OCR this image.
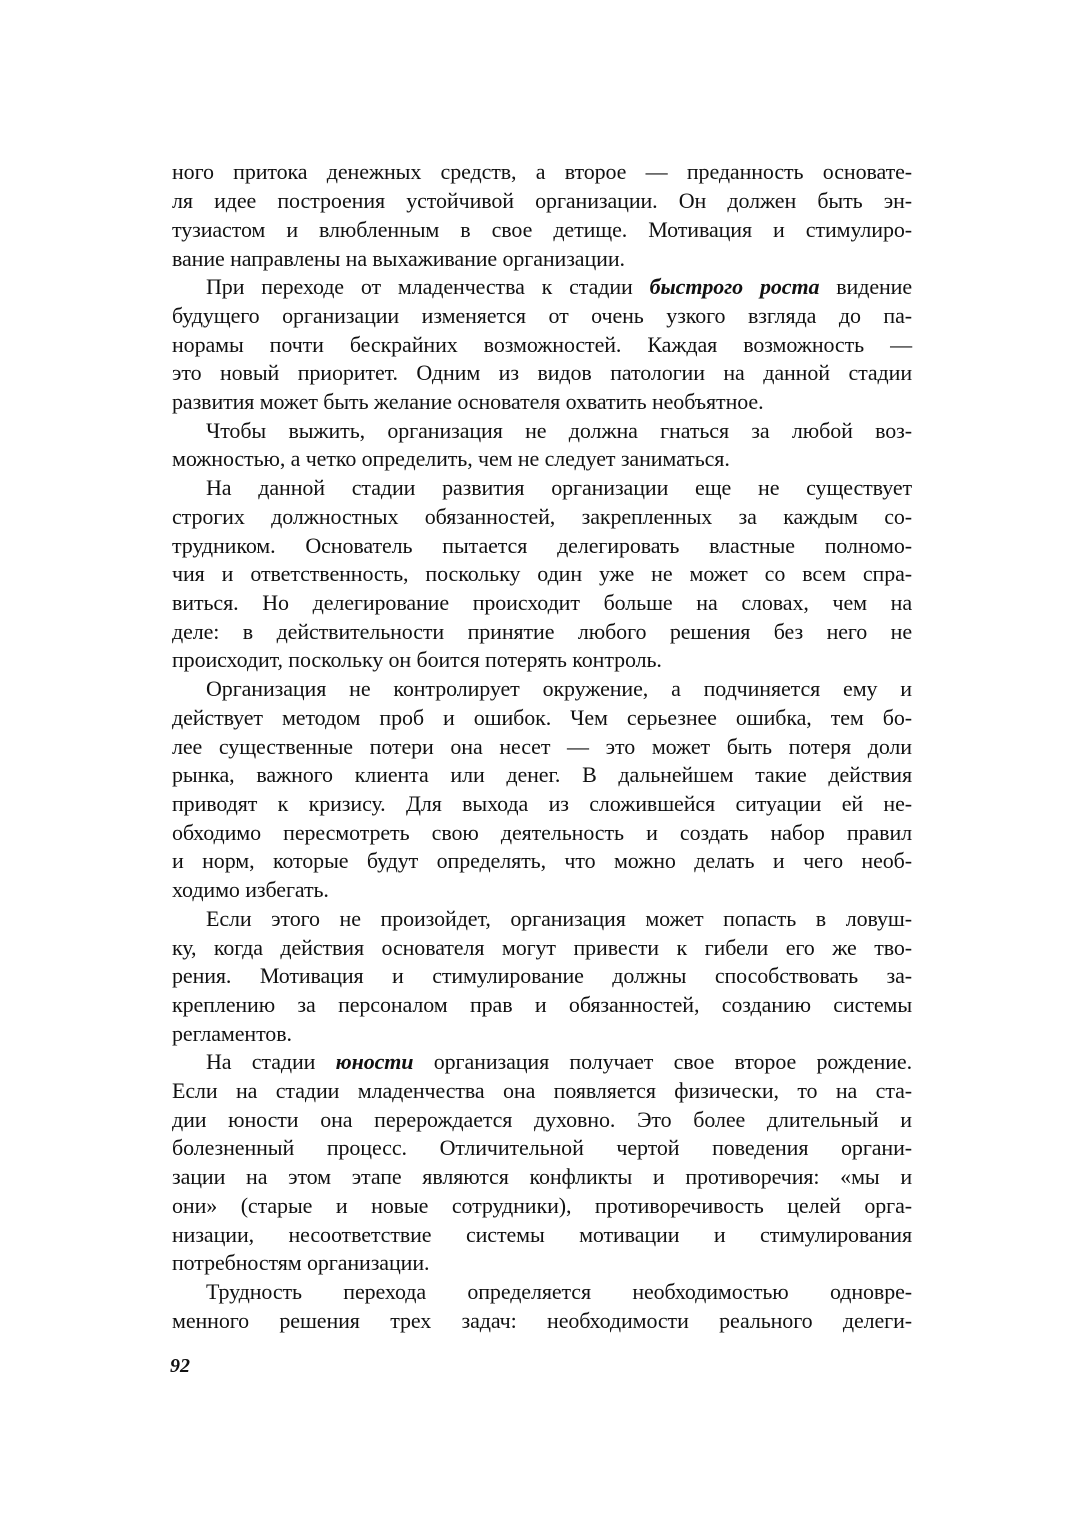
ного притока денежных средств, а второе — преданность основате-
ля идее построения устойчивой организации. Он должен быть эн-
тузиастом и влюбленным в свое детище. Мотивация и стимулиро-
вание направлены на выхаживание организации.
При переходе от младенчества к стадии быстрого роста видение
будущего организации изменяется от очень узкого взгляда до па-
норамы почти бескрайних возможностей. Каждая возможность —
это новый приоритет. Одним из видов патологии на данной стадии
развития может быть желание основателя охватить необъятное.
Чтобы выжить, организация не должна гнаться за любой воз-
можностью, а четко определить, чем не следует заниматься.
На данной стадии развития организации еще не существует
строгих должностных обязанностей, закрепленных за каждым со-
трудником. Основатель пытается делегировать властные полномо-
чия и ответственность, поскольку один уже не может со всем спра-
виться. Но делегирование происходит больше на словах, чем на
деле: в действительности принятие любого решения без него не
происходит, поскольку он боится потерять контроль.
Организация не контролирует окружение, а подчиняется ему и
действует методом проб и ошибок. Чем серьезнее ошибка, тем бо-
лее существенные потери она несет — это может быть потеря доли
рынка, важного клиента или денег. В дальнейшем такие действия
приводят к кризису. Для выхода из сложившейся ситуации ей не-
обходимо пересмотреть свою деятельность и создать набор правил
и норм, которые будут определять, что можно делать и чего необ-
ходимо избегать.
Если этого не произойдет, организация может попасть в ловуш-
ку, когда действия основателя могут привести к гибели его же тво-
рения. Мотивация и стимулирование должны способствовать за-
креплению за персоналом прав и обязанностей, созданию системы
регламентов.
На стадии юности организация получает свое второе рождение.
Если на стадии младенчества она появляется физически, то на ста-
дии юности она перерождается духовно. Это более длительный и
болезненный процесс. Отличительной чертой поведения органи-
зации на этом этапе являются конфликты и противоречия: «мы и
они» (старые и новые сотрудники), противоречивость целей орга-
низации, несоответствие системы мотивации и стимулирования
потребностям организации.
Трудность перехода определяется необходимостью одновре-
менного решения трех задач: необходимости реального делеги-
92
